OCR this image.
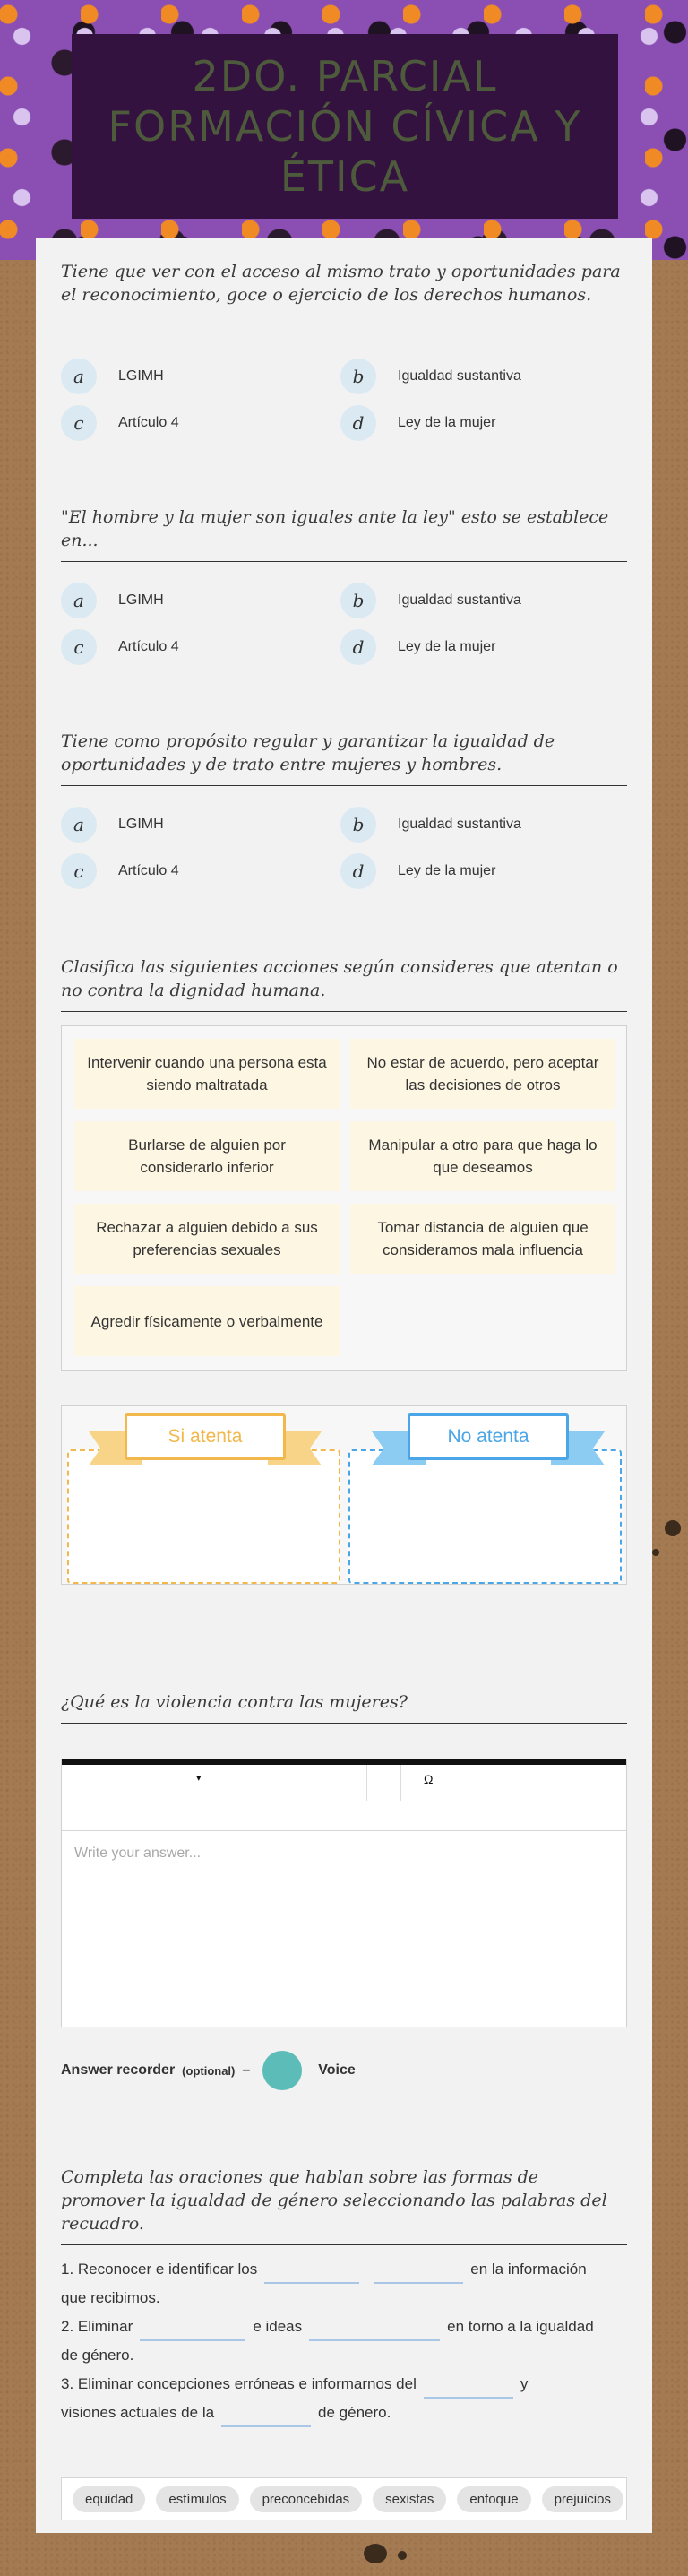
2DO. PARCIAL FORMACIÓN CÍVICA Y ÉTICA
Tiene que ver con el acceso al mismo trato y oportunidades para el reconocimiento, goce o ejercicio de los derechos humanos.
a	LGIMH	b	Igualdad sustantiva
c	Artículo 4	d	Ley de la mujer
"El hombre y la mujer son iguales ante la ley" esto se establece en...
a	LGIMH	b	Igualdad sustantiva
c	Artículo 4	d	Ley de la mujer
Tiene como propósito regular y garantizar la igualdad de oportunidades y de trato entre mujeres y hombres.
a	LGIMH	b	Igualdad sustantiva
c	Artículo 4	d	Ley de la mujer
Clasifica las siguientes acciones según consideres que atentan o no contra la dignidad humana.
Intervenir cuando una persona esta siendo maltratada
No estar de acuerdo, pero aceptar las decisiones de otros
Burlarse de alguien por considerarlo inferior
Manipular a otro para que haga lo que deseamos
Rechazar a alguien debido a sus preferencias sexuales
Tomar distancia de alguien que consideramos mala influencia
Agredir físicamente o verbalmente
Si atenta	No atenta
¿Qué es la violencia contra las mujeres?
▾	Ω
Write your answer...
Answer recorder (optional) –	Voice
Completa las oraciones que hablan sobre las formas de promover la igualdad de género seleccionando las palabras del recuadro.
1. Reconocer e identificar los	en la información
que recibimos.
2. Eliminar	e ideas	en torno a la igualdad
de género.
3. Eliminar concepciones erróneas e informarnos del	y
visiones actuales de la	de género.
equidad	estímulos	preconcebidas	sexistas	enfoque	prejuicios
